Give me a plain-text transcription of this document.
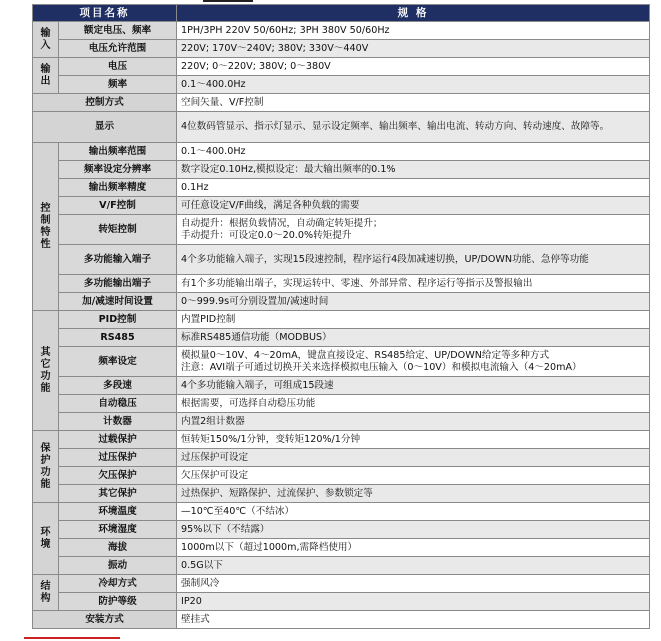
项目名称		规 格

输
入	额定电压、频率	1PH/3PH 220V 50/60Hz; 3PH 380V 50/60Hz
	电压允许范围	220V; 170V～240V; 380V; 330V～440V

输
出	电压	220V; 0～220V; 380V; 0～380V
	频率	0.1～400.0Hz
控制方式		空间矢量、V/F控制
显示		4位数码管显示、指示灯显示、显示设定频率、输出频率、输出电流、转动方向、转动速度、故障等。

控
制
特
性	输出频率范围	0.1～400.0Hz
	频率设定分辨率	数字设定0.10Hz,模拟设定：最大输出频率的0.1%
	输出频率精度	0.1Hz
	V/F控制	可任意设定V/F曲线，满足各种负载的需要
	转矩控制	自动提升：根据负载情况，自动确定转矩提升；
手动提升：可设定0.0～20.0%转矩提升

	多功能输入端子	4个多功能输入端子，实现15段速控制，程序运行4段加减速切换，UP/DOWN功能、急停等功能
	多功能输出端子	有1个多功能输出端子，实现运转中、零速、外部异常、程序运行等指示及警报输出
	加/减速时间设置	0～999.9s可分别设置加/减速时间

其
它
功
能	PID控制	内置PID控制
	RS485	标准RS485通信功能（MODBUS）
	频率设定	模拟量0～10V、4～20mA，键盘直接设定、RS485给定、UP/DOWN给定等多种方式
注意：AVI端子可通过切换开关来选择模拟电压输入（0～10V）和模拟电流输入（4～20mA）

	多段速	4个多功能输入端子，可组成15段速
	自动稳压	根据需要，可选择自动稳压功能
	计数器	内置2组计数器

保
护
功
能	过载保护	恒转矩150%/1分钟，变转矩120%/1分钟
	过压保护	过压保护可设定
	欠压保护	欠压保护可设定
	其它保护	过热保护、短路保护、过流保护、参数锁定等

环
境	环境温度	—10℃至40℃（不结冰）
	环境湿度	95%以下（不结露）
	海拔	1000m以下（超过1000m,需降档使用）
	振动	0.5G以下

结
构	冷却方式	强制风冷
	防护等级	IP20
安装方式		壁挂式
